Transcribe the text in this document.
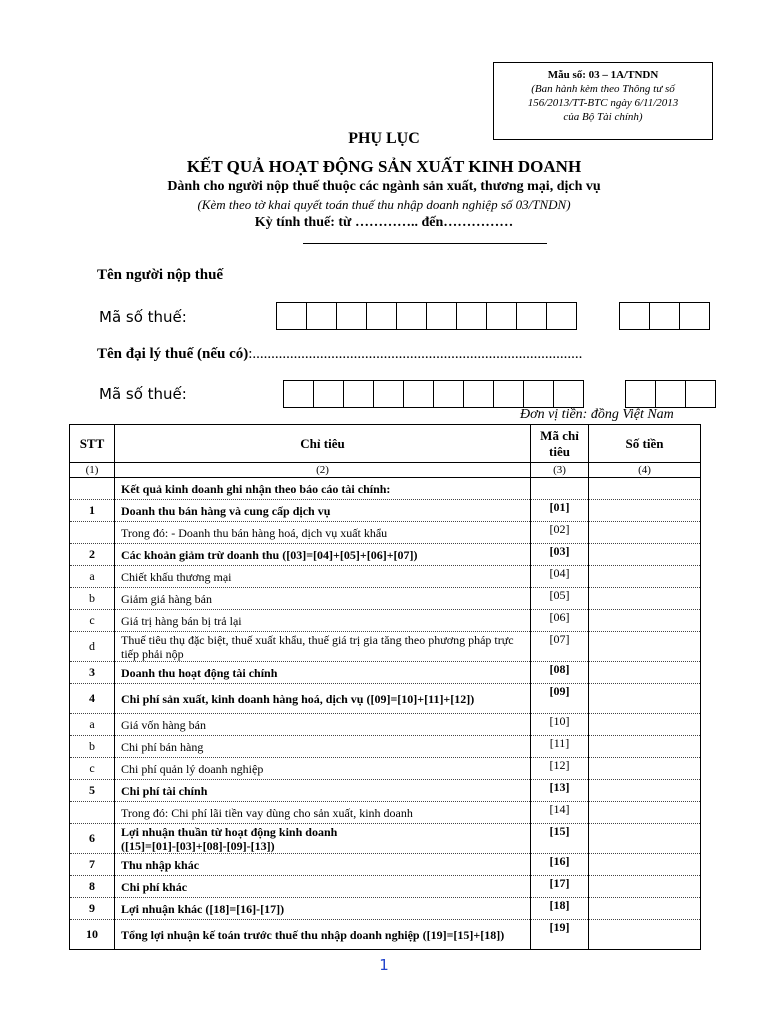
Mẫu số: 03 – 1A/TNDN
(Ban hành kèm theo Thông tư số
156/2013/TT-BTC ngày 6/11/2013
của Bộ Tài chính)
PHỤ LỤC
KẾT QUẢ HOẠT ĐỘNG SẢN XUẤT KINH DOANH
Dành cho người nộp thuế thuộc các ngành sản xuất, thương mại, dịch vụ
(Kèm theo tờ khai quyết toán thuế thu nhập doanh nghiệp số 03/TNDN)
Kỳ tính thuế: từ ………….. đến……………
Tên người nộp thuế
Mã số thuế:
Tên đại lý thuế (nếu có):........................................................................................
Mã số thuế:
Đơn vị tiền: đồng Việt Nam
STT	Chỉ tiêu	Mã chỉ tiêu	Số tiền
(1)	(2)	(3)	(4)
	Kết quả kinh doanh ghi nhận theo báo cáo tài chính:		
1	Doanh thu bán hàng và cung cấp dịch vụ	[01]	
	Trong đó: - Doanh thu bán hàng hoá, dịch vụ xuất khẩu	[02]	
2	Các khoản giảm trừ doanh thu ([03]=[04]+[05]+[06]+[07])	[03]	
a	Chiết khấu thương mại	[04]	
b	Giảm giá hàng bán	[05]	
c	Giá trị hàng bán bị trả lại	[06]	
d	Thuế tiêu thụ đặc biệt, thuế xuất khẩu, thuế giá trị gia tăng theo phương pháp trực tiếp phải nộp	[07]	
3	Doanh thu hoạt động tài chính	[08]	
4	Chi phí sản xuất, kinh doanh hàng hoá, dịch vụ ([09]=[10]+[11]+[12])	[09]	
a	Giá vốn hàng bán	[10]	
b	Chi phí bán hàng	[11]	
c	Chi phí quản lý doanh nghiệp	[12]	
5	Chi phí tài chính	[13]	
	Trong đó: Chi phí lãi tiền vay dùng cho sản xuất, kinh doanh	[14]	
6	Lợi nhuận thuần từ hoạt động kinh doanh
([15]=[01]-[03]+[08]-[09]-[13])	[15]	
7	Thu nhập khác	[16]	
8	Chi phí khác	[17]	
9	Lợi nhuận khác ([18]=[16]-[17])	[18]	
10	Tổng lợi nhuận kế toán trước thuế thu nhập doanh nghiệp ([19]=[15]+[18])	[19]	
1
